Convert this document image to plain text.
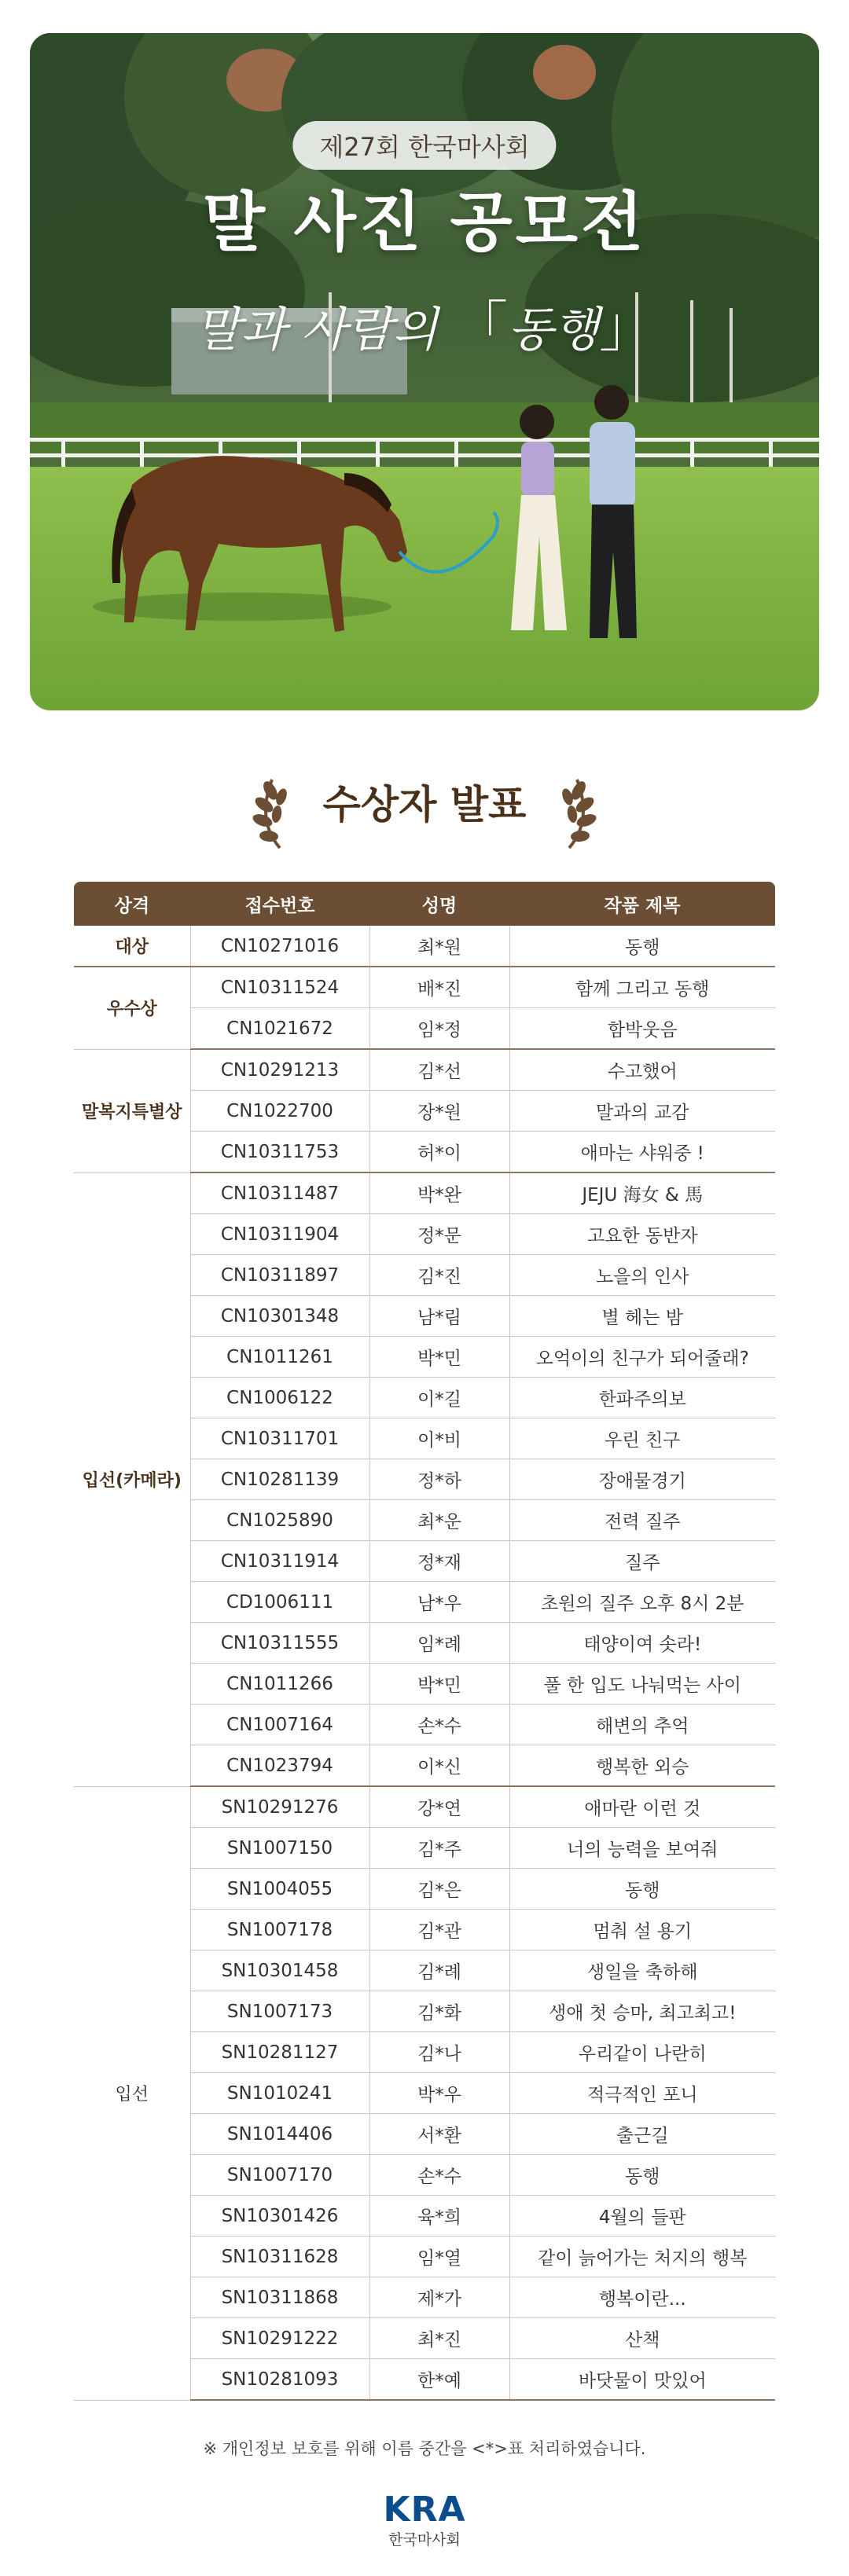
제27회 한국마사회
말 사진 공모전
말과 사람의 「동행」
수상자 발표
상격	접수번호	성명	작품 제목
대상	CN10271016	최*원	동행
우수상	CN10311524	배*진	함께 그리고 동행
	CN1021672	임*정	함박웃음
말복지특별상	CN10291213	김*선	수고했어
	CN1022700	장*원	말과의 교감
	CN10311753	허*이	애마는 샤워중 !
입선(카메라)	CN10311487	박*완	JEJU 海女 & 馬
	CN10311904	정*문	고요한 동반자
	CN10311897	김*진	노을의 인사
	CN10301348	남*림	별 헤는 밤
	CN1011261	박*민	오억이의 친구가 되어줄래?
	CN1006122	이*길	한파주의보
	CN10311701	이*비	우린 친구
	CN10281139	정*하	장애물경기
	CN1025890	최*운	전력 질주
	CN10311914	정*재	질주
	CD1006111	남*우	초원의 질주 오후 8시 2분
	CN10311555	임*례	태양이여 솟라!
	CN1011266	박*민	풀 한 입도 나눠먹는 사이
	CN1007164	손*수	해변의 추억
	CN1023794	이*신	행복한 외승
입선	SN10291276	강*연	애마란 이런 것
	SN1007150	김*주	너의 능력을 보여줘
	SN1004055	김*은	동행
	SN1007178	김*관	멈춰 설 용기
	SN10301458	김*례	생일을 축하해
	SN1007173	김*화	생애 첫 승마, 최고최고!
	SN10281127	김*나	우리같이 나란히
	SN1010241	박*우	적극적인 포니
	SN1014406	서*환	출근길
	SN1007170	손*수	동행
	SN10301426	육*희	4월의 들판
	SN10311628	임*열	같이 늙어가는 처지의 행복
	SN10311868	제*가	행복이란...
	SN10291222	최*진	산책
	SN10281093	한*예	바닷물이 맛있어
※ 개인정보 보호를 위해 이름 중간을 <*>표 처리하였습니다.
KRA
한국마사회
